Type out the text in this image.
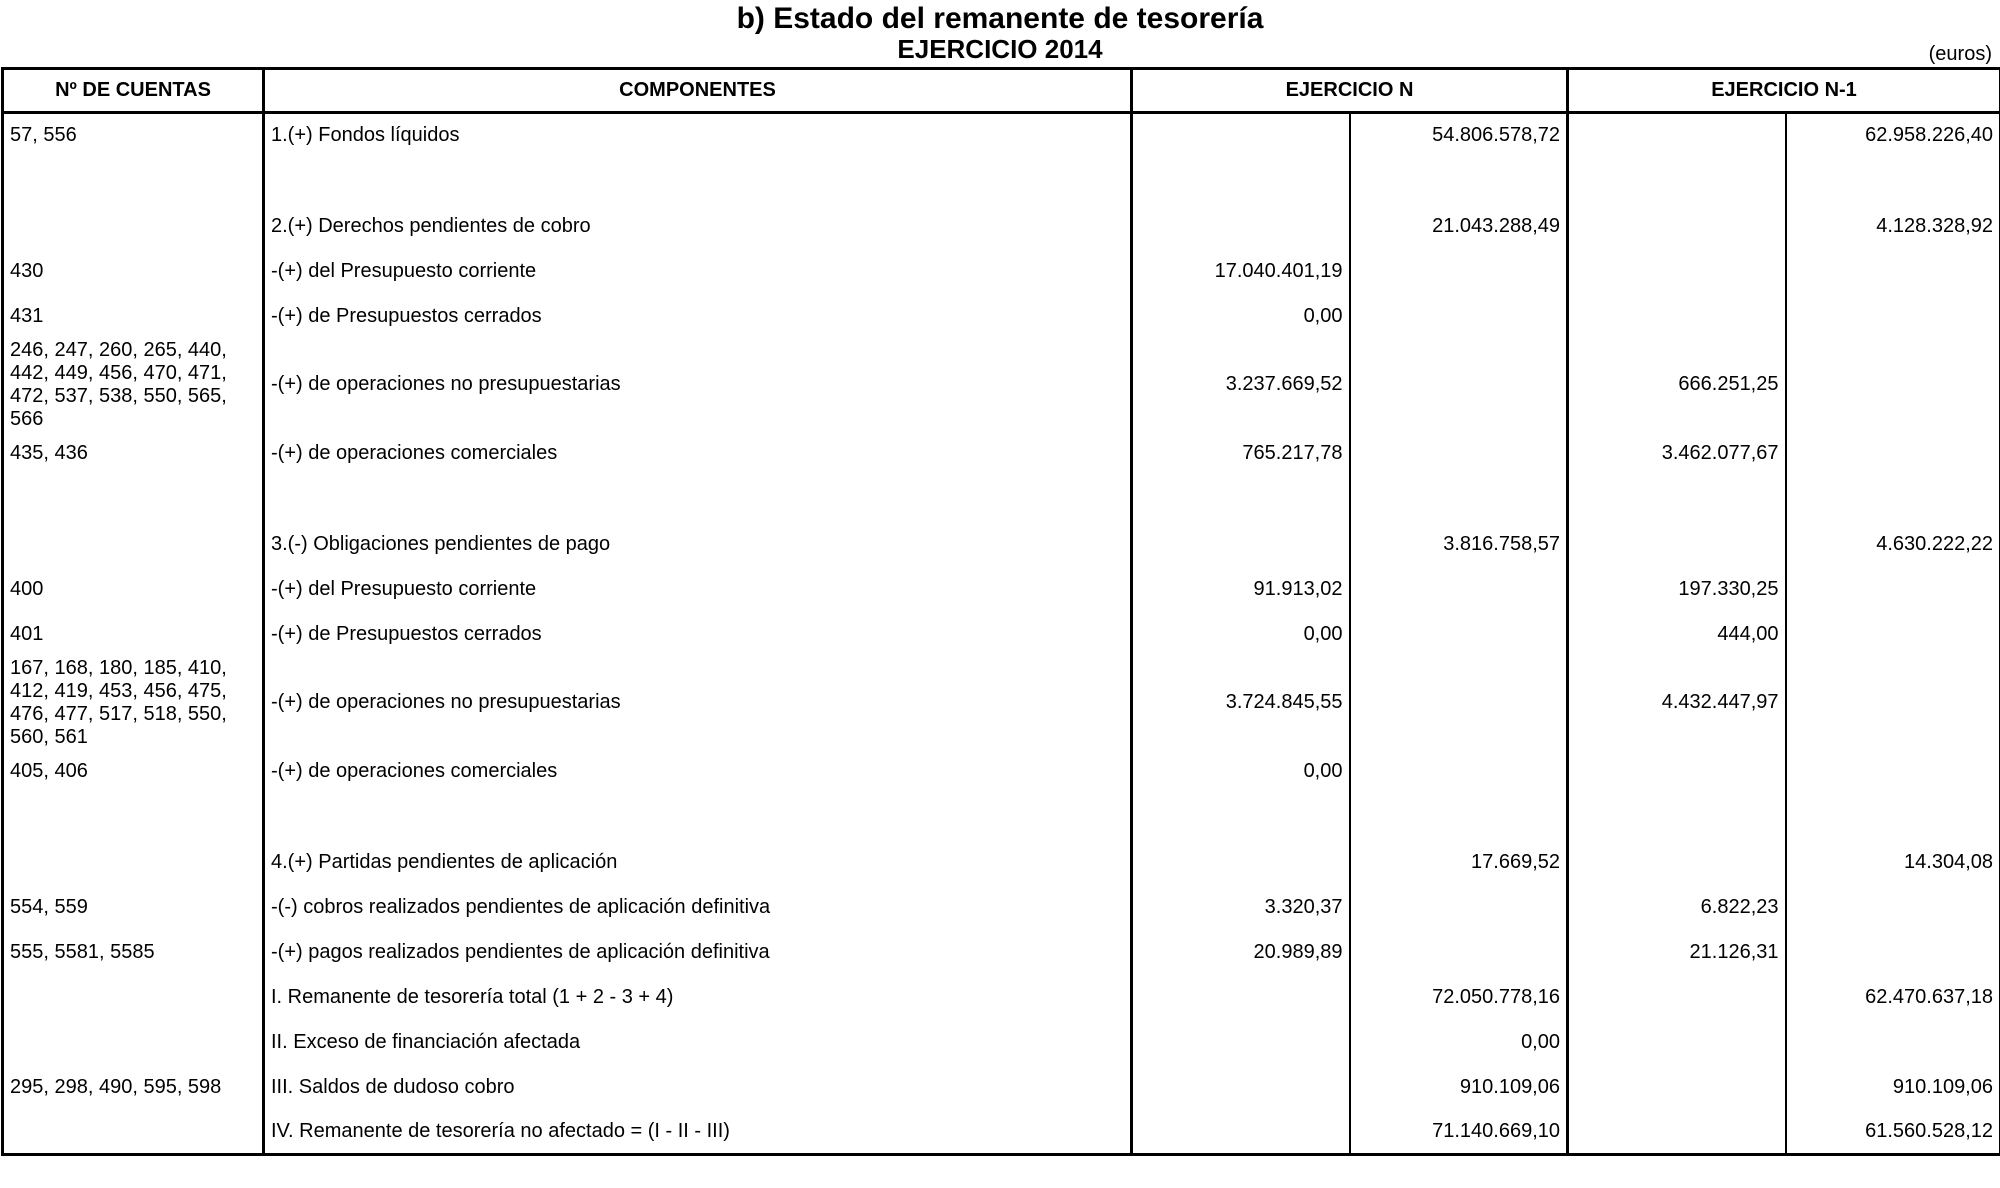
b) Estado del remanente de tesorería
EJERCICIO 2014	(euros)
Nº DE CUENTAS	COMPONENTES	EJERCICIO N		EJERCICIO N-1	
57, 556	1.(+) Fondos líquidos		54.806.578,72		62.958.226,40

	2.(+) Derechos pendientes de cobro		21.043.288,49		4.128.328,92
430	-(+) del Presupuesto corriente	17.040.401,19			
431	-(+) de Presupuestos cerrados	0,00			
246, 247, 260, 265, 440, 442, 449, 456, 470, 471, 472, 537, 538, 550, 565, 566	-(+) de operaciones no presupuestarias	3.237.669,52		666.251,25	
435, 436	-(+) de operaciones comerciales	765.217,78		3.462.077,67	

	3.(-) Obligaciones pendientes de pago		3.816.758,57		4.630.222,22
400	-(+) del Presupuesto corriente	91.913,02		197.330,25	
401	-(+) de Presupuestos cerrados	0,00		444,00	
167, 168, 180, 185, 410, 412, 419, 453, 456, 475, 476, 477, 517, 518, 550, 560, 561	-(+) de operaciones no presupuestarias	3.724.845,55		4.432.447,97	
405, 406	-(+) de operaciones comerciales	0,00			

	4.(+) Partidas pendientes de aplicación		17.669,52		14.304,08
554, 559	-(-) cobros realizados pendientes de aplicación definitiva	3.320,37		6.822,23	
555, 5581, 5585	-(+) pagos realizados pendientes de aplicación definitiva	20.989,89		21.126,31	
	I. Remanente de tesorería total (1 + 2 - 3 + 4)		72.050.778,16		62.470.637,18
	II. Exceso de financiación afectada		0,00		
295, 298, 490, 595, 598	III. Saldos de dudoso cobro		910.109,06		910.109,06
	IV. Remanente de tesorería no afectado = (I - II - III)		71.140.669,10		61.560.528,12
